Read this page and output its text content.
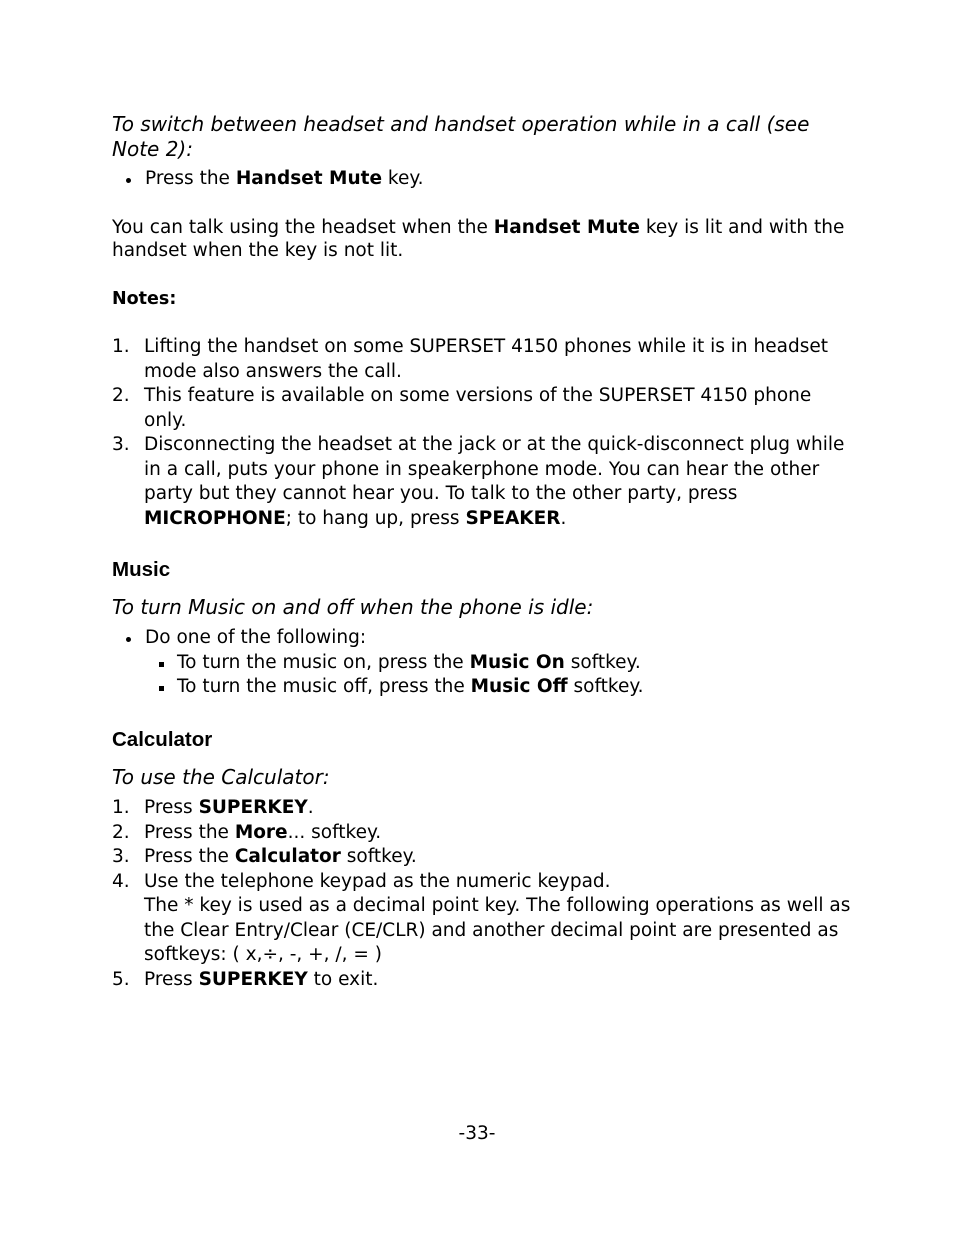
To switch between headset and handset operation while in a call (see Note 2):
Press the Handset Mute key.
You can talk using the headset when the Handset Mute key is lit and with the handset when the key is not lit.
Notes:
1. Lifting the handset on some SUPERSET 4150 phones while it is in headset mode also answers the call.
2. This feature is available on some versions of the SUPERSET 4150 phone only.
3. Disconnecting the headset at the jack or at the quick-disconnect plug while in a call, puts your phone in speakerphone mode. You can hear the other party but they cannot hear you. To talk to the other party, press MICROPHONE; to hang up, press SPEAKER.
Music
To turn Music on and off when the phone is idle:
Do one of the following:
To turn the music on, press the Music On softkey.
To turn the music off, press the Music Off softkey.
Calculator
To use the Calculator:
1. Press SUPERKEY.
2. Press the More... softkey.
3. Press the Calculator softkey.
4. Use the telephone keypad as the numeric keypad.
The * key is used as a decimal point key. The following operations as well as the Clear Entry/Clear (CE/CLR) and another decimal point are presented as softkeys: ( x,÷, -, +, /, = )
5. Press SUPERKEY to exit.
-33-
